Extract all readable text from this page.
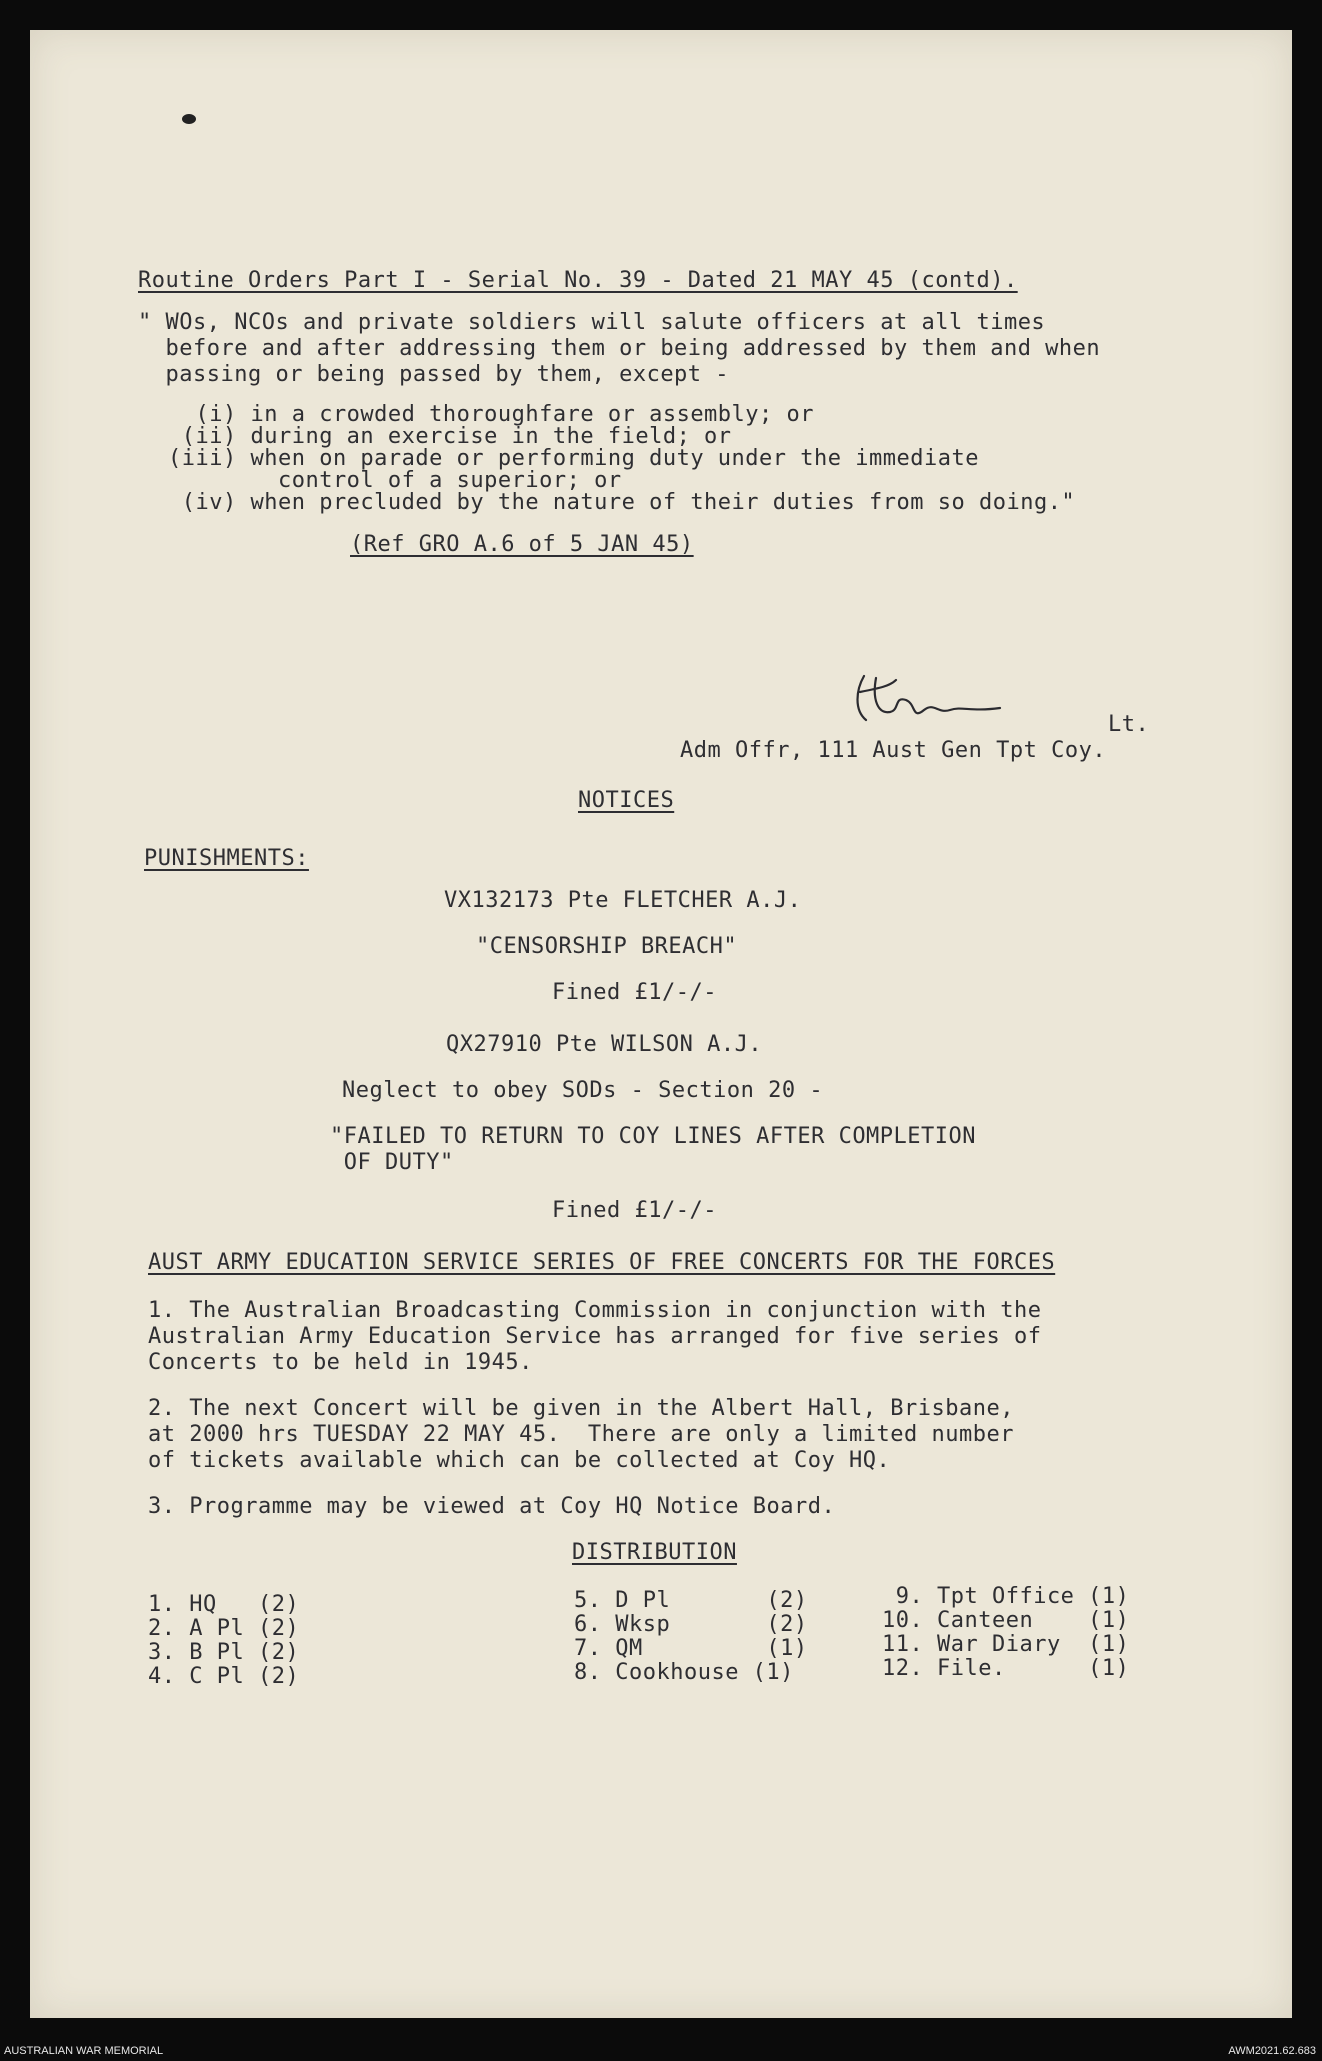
Routine Orders Part I - Serial No. 39 - Dated 21 MAY 45 (contd).
" WOs, NCOs and private soldiers will salute officers at all times
before and after addressing them or being addressed by them and when
passing or being passed by them, except -
(i) in a crowded thoroughfare or assembly; or
(ii) during an exercise in the field; or
(iii) when on parade or performing duty under the immediate
control of a superior; or
(iv) when precluded by the nature of their duties from so doing."
(Ref GRO A.6 of 5 JAN 45)
Lt.
Adm Offr, 111 Aust Gen Tpt Coy.
NOTICES
PUNISHMENTS:
VX132173 Pte FLETCHER A.J.
"CENSORSHIP BREACH"
Fined £1/-/-
QX27910 Pte WILSON A.J.
Neglect to obey SODs - Section 20 -
"FAILED TO RETURN TO COY LINES AFTER COMPLETION
OF DUTY"
Fined £1/-/-
AUST ARMY EDUCATION SERVICE SERIES OF FREE CONCERTS FOR THE FORCES
1. The Australian Broadcasting Commission in conjunction with the
Australian Army Education Service has arranged for five series of
Concerts to be held in 1945.
2. The next Concert will be given in the Albert Hall, Brisbane,
at 2000 hrs TUESDAY 22 MAY 45.  There are only a limited number
of tickets available which can be collected at Coy HQ.
3. Programme may be viewed at Coy HQ Notice Board.
DISTRIBUTION
1. HQ   (2)
2. A Pl (2)
3. B Pl (2)
4. C Pl (2)
5. D Pl       (2)
6. Wksp       (2)
7. QM         (1)
8. Cookhouse (1)
9. Tpt Office (1)
10. Canteen    (1)
11. War Diary  (1)
12. File.      (1)
AUSTRALIAN WAR MEMORIAL	AWM2021.62.683
